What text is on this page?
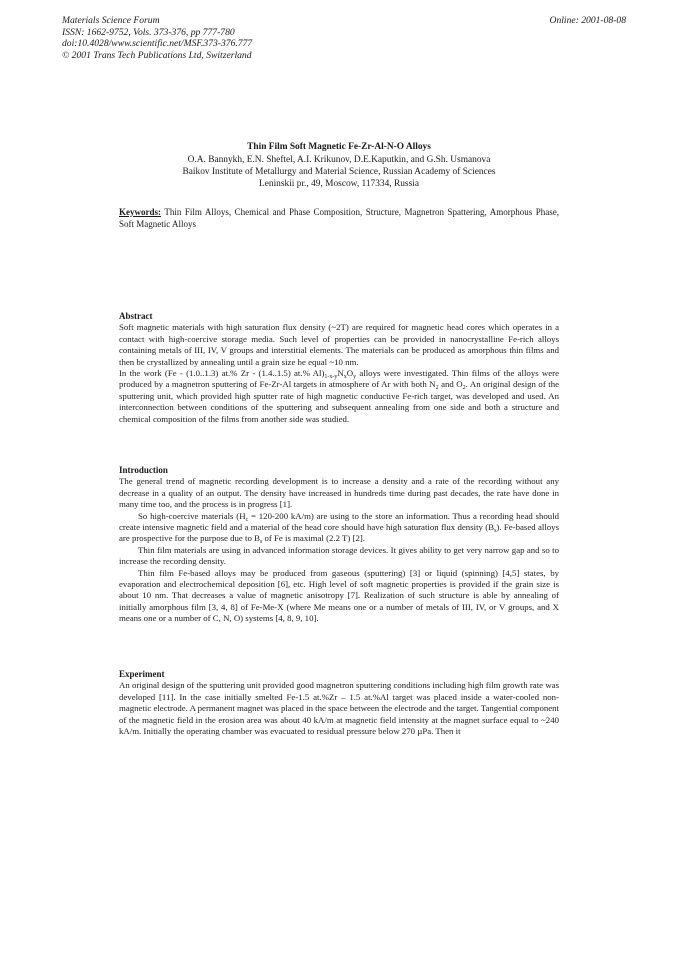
Materials Science Forum
ISSN: 1662-9752, Vols. 373-376, pp 777-780
doi:10.4028/www.scientific.net/MSF.373-376.777
© 2001 Trans Tech Publications Ltd, Switzerland
Online: 2001-08-08
Thin Film Soft Magnetic Fe-Zr-Al-N-O Alloys
O.A. Bannykh, E.N. Sheftel, A.I. Krikunov, D.E.Kaputkin, and G.Sh. Usmanova
Baikov Institute of Metallurgy and Material Science, Russian Academy of Sciences
Leninskii pr., 49, Moscow, 117334, Russia
Keywords: Thin Film Alloys, Chemical and Phase Composition, Structure, Magnetron Spattering, Amorphous Phase, Soft Magnetic Alloys
Abstract

Soft magnetic materials with high saturation flux density (~2T) are required for magnetic head cores which operates in a contact with high-coercive storage media. Such level of properties can be provided in nanocrystalline Fe-rich alloys containing metals of III, IV, V groups and interstitial elements. The materials can be produced as amorphous thin films and then be crystallized by annealing until a grain size be equal ~10 nm.

In the work (Fe - (1.0..1.3) at.% Zr - (1.4..1.5) at.% $Al)_{1-x-y}N_xO_y$ alloys were investigated. Thin films of the alloys were produced by a magnetron sputtering of Fe-Zr-Al targets in atmosphere of Ar with both $N_2$ and $O_2$. An original design of the sputtering unit, which provided high sputter rate of high magnetic conductive Fe-rich target, was developed and used. An interconnection between conditions of the sputtering and subsequent annealing from one side and both a structure and chemical composition of the films from another side was studied.

Introduction

The general trend of magnetic recording development is to increase a density and a rate of the recording without any decrease in a quality of an output. The density have increased in hundreds time during past decades, the rate have done in many time too, and the process is in progress [1].

So high-coercive materials ($H_c = 120-200$ kA/m) are using to the store an information. Thus a recording head should create intensive magnetic field and a material of the head core should have high saturation flux density $(B_s)$. Fe-based alloys are prospective for the purpose due to $B_s$ of Fe is maximal (2.2 T) [2].

Thin film materials are using in advanced information storage devices. It gives ability to get very narrow gap and so to increase the recording density.

Thin film Fe-based alloys may be produced from gaseous (sputtering) [3] or liquid (spinning) [4,5] states, by evaporation and electrochemical deposition [6], etc. High level of soft magnetic properties is provided if the grain size is about 10 nm. That decreases a value of magnetic anisotropy [7]. Realization of such structure is able by annealing of initially amorphous film [3, 4, 8] of Fe-Me-X (where Me means one or a number of metals of III, IV, or V groups, and X means one or a number of C, N, O) systems [4, 8, 9, 10].

Experiment

An original design of the sputtering unit provided good magnetron sputtering conditions including high film growth rate was developed [11]. In the case initially smelted Fe-1.5 at.%Zr – 1.5 at.%Al target was placed inside a water-cooled non-magnetic electrode. A permanent magnet was placed in the space between the electrode and the target. Tangential component of the magnetic field in the erosion area was about 40 kA/m at magnetic field intensity at the magnet surface equal to ~240 kA/m. Initially the operating chamber was evacuated to residual pressure below 270 µPa. Then it
